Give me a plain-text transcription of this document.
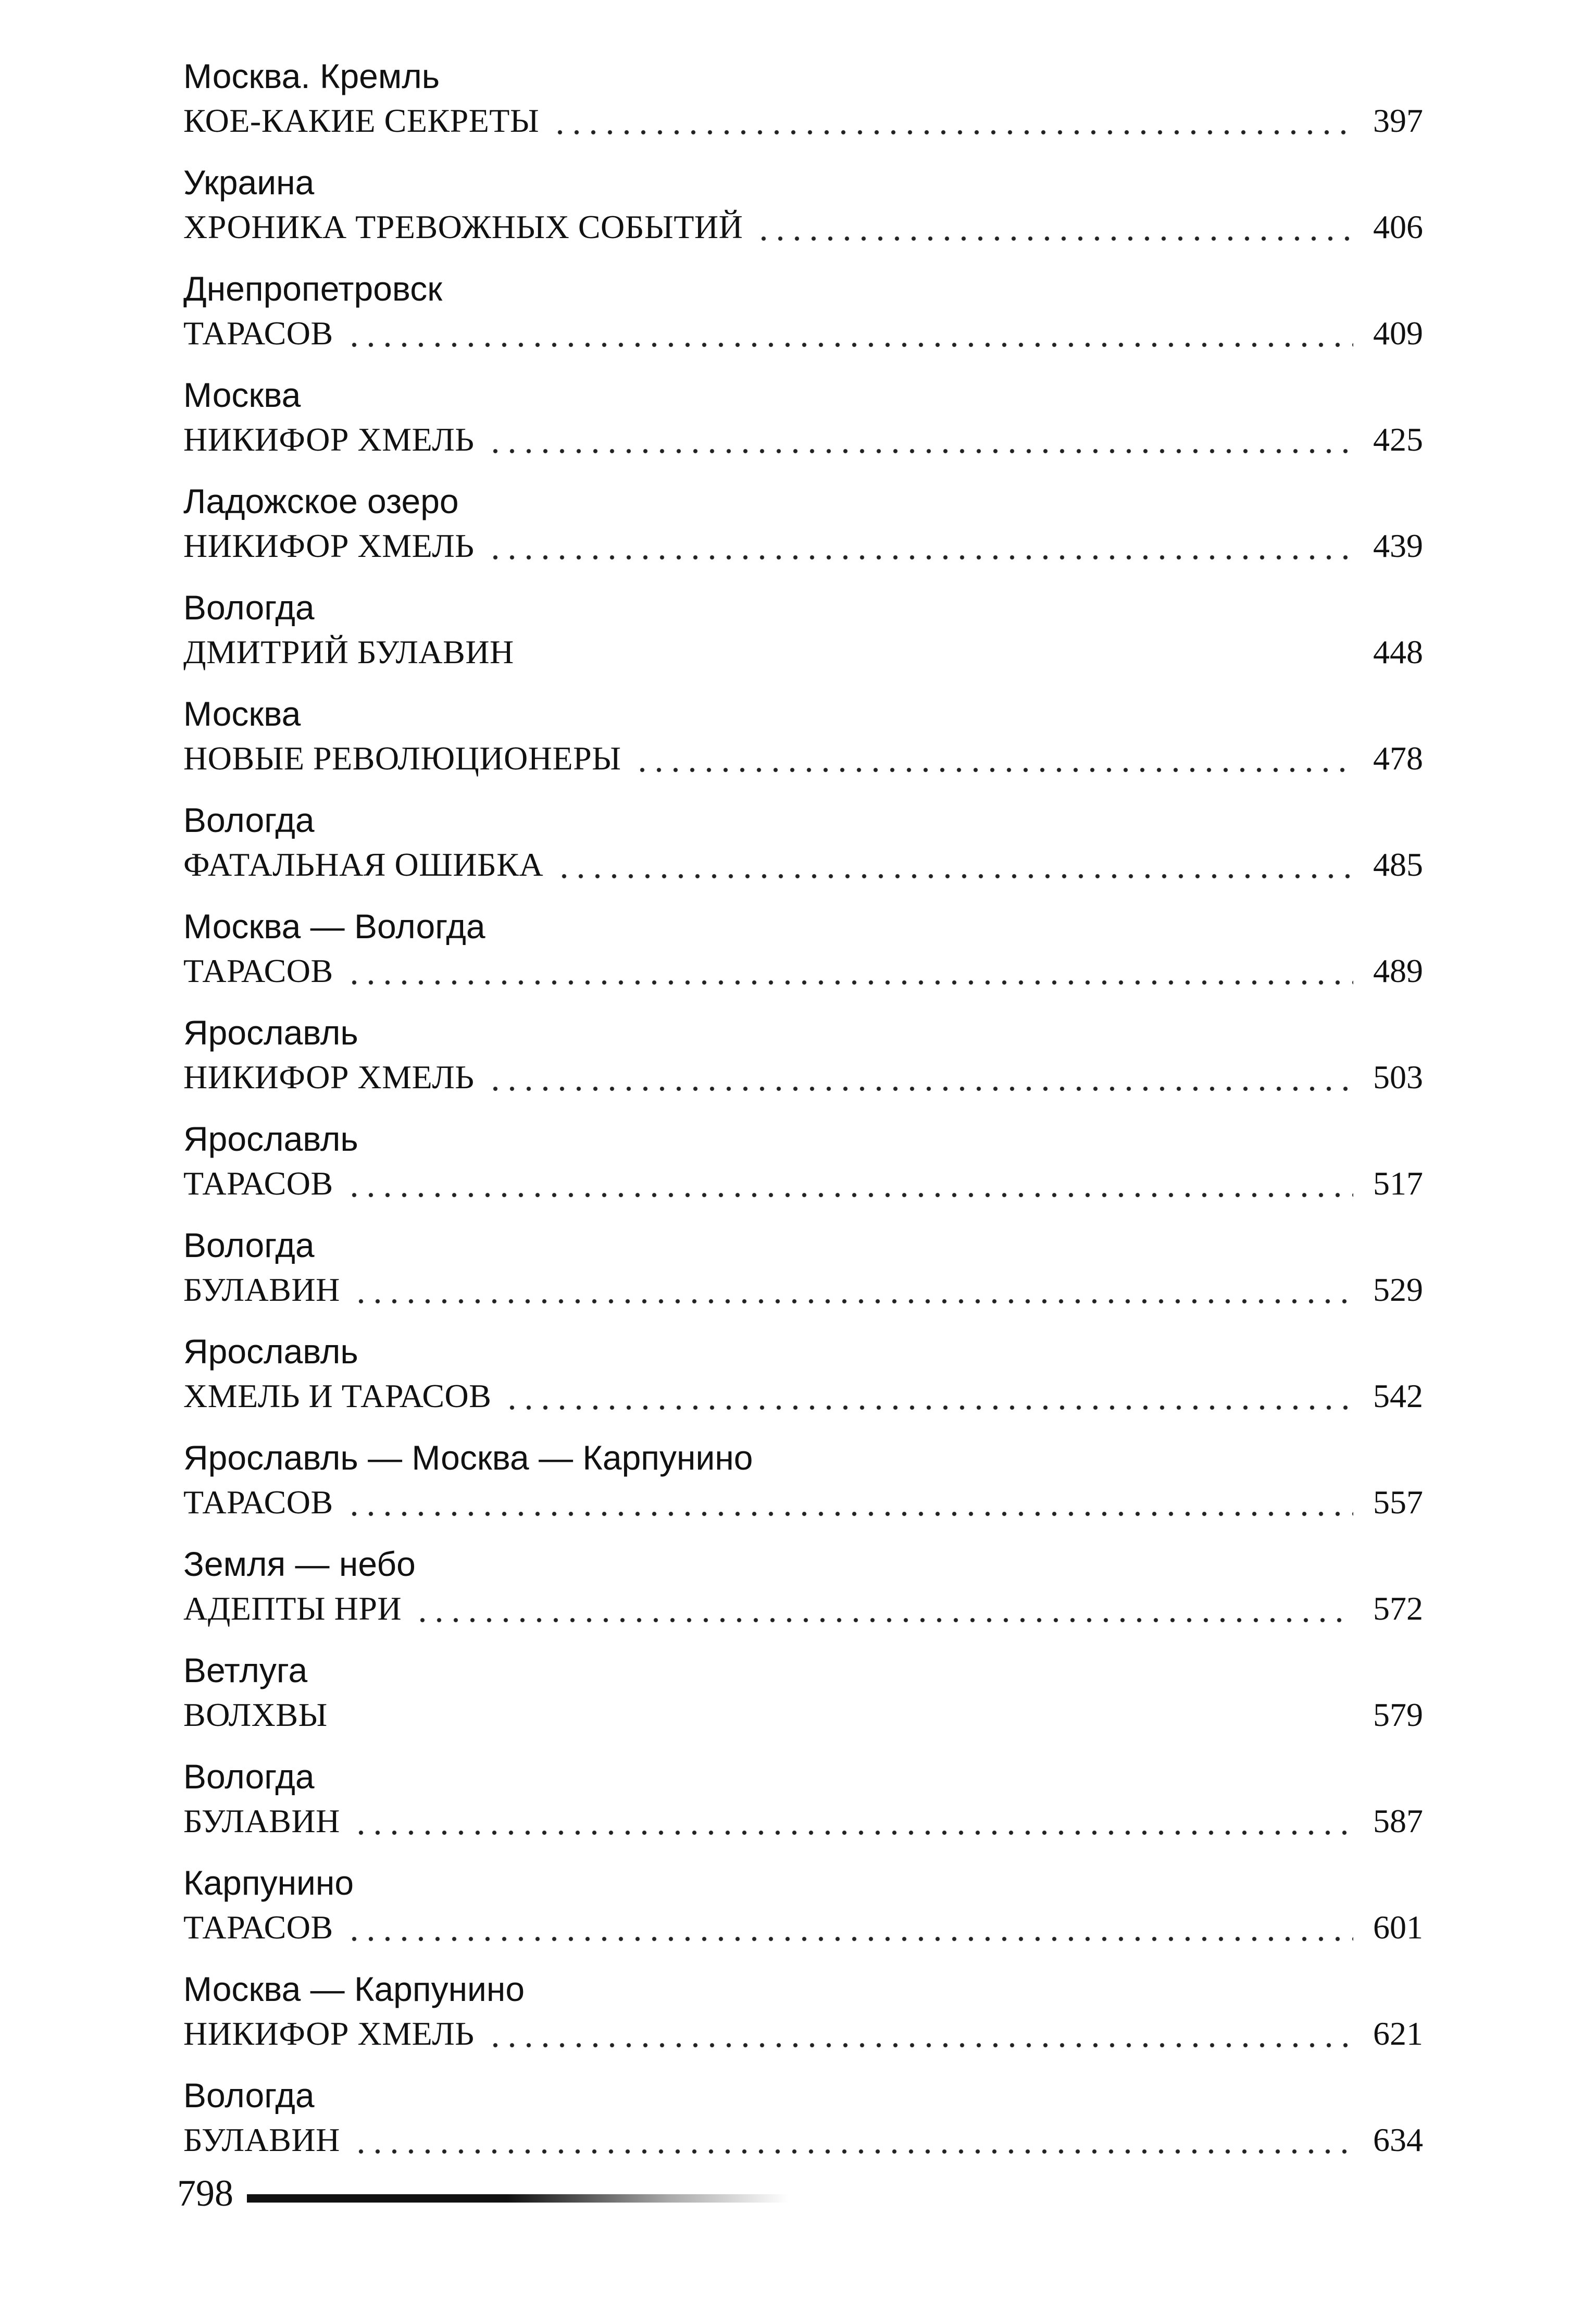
Москва. Кремль
КОЕ-КАКИЕ СЕКРЕТЫ	397
Украина
ХРОНИКА ТРЕВОЖНЫХ СОБЫТИЙ	406
Днепропетровск
ТАРАСОВ	409
Москва
НИКИФОР ХМЕЛЬ	425
Ладожское озеро
НИКИФОР ХМЕЛЬ	439
Вологда
ДМИТРИЙ БУЛАВИН	448
Москва
НОВЫЕ РЕВОЛЮЦИОНЕРЫ	478
Вологда
ФАТАЛЬНАЯ ОШИБКА	485
Москва — Вологда
ТАРАСОВ	489
Ярославль
НИКИФОР ХМЕЛЬ	503
Ярославль
ТАРАСОВ	517
Вологда
БУЛАВИН	529
Ярославль
ХМЕЛЬ И ТАРАСОВ	542
Ярославль — Москва — Карпунино
ТАРАСОВ	557
Земля — небо
АДЕПТЫ НРИ	572
Ветлуга
ВОЛХВЫ	579
Вологда
БУЛАВИН	587
Карпунино
ТАРАСОВ	601
Москва — Карпунино
НИКИФОР ХМЕЛЬ	621
Вологда
БУЛАВИН	634
798
